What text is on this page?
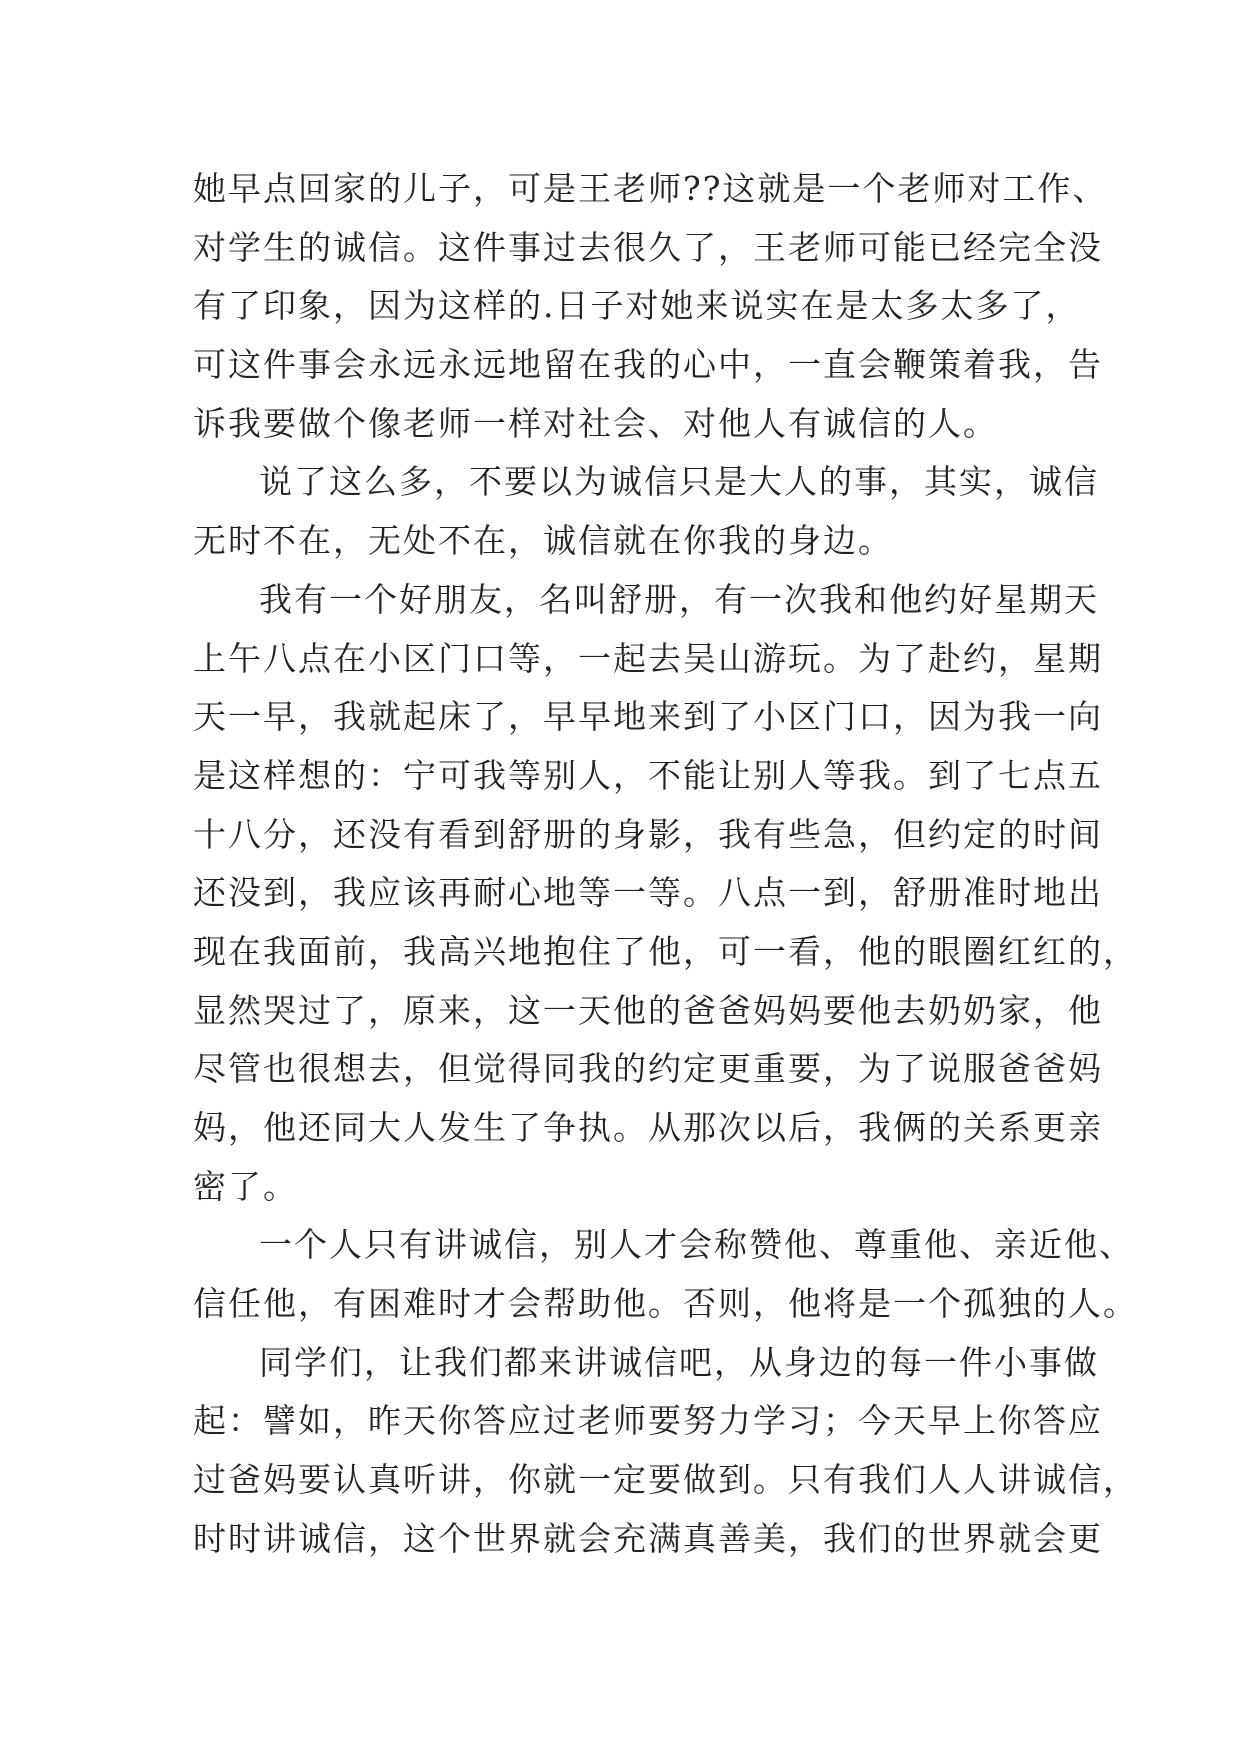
她早点回家的儿子，可是王老师??这就是一个老师对工作、
对学生的诚信。这件事过去很久了，王老师可能已经完全没
有了印象，因为这样的.日子对她来说实在是太多太多了，
可这件事会永远永远地留在我的心中，一直会鞭策着我，告
诉我要做个像老师一样对社会、对他人有诚信的人。
说了这么多，不要以为诚信只是大人的事，其实，诚信
无时不在，无处不在，诚信就在你我的身边。
我有一个好朋友，名叫舒册，有一次我和他约好星期天
上午八点在小区门口等，一起去吴山游玩。为了赴约，星期
天一早，我就起床了，早早地来到了小区门口，因为我一向
是这样想的：宁可我等别人，不能让别人等我。到了七点五
十八分，还没有看到舒册的身影，我有些急，但约定的时间
还没到，我应该再耐心地等一等。八点一到，舒册准时地出
现在我面前，我高兴地抱住了他，可一看，他的眼圈红红的，
显然哭过了，原来，这一天他的爸爸妈妈要他去奶奶家，他
尽管也很想去，但觉得同我的约定更重要，为了说服爸爸妈
妈，他还同大人发生了争执。从那次以后，我俩的关系更亲
密了。
一个人只有讲诚信，别人才会称赞他、尊重他、亲近他、
信任他，有困难时才会帮助他。否则，他将是一个孤独的人。
同学们，让我们都来讲诚信吧，从身边的每一件小事做
起：譬如，昨天你答应过老师要努力学习；今天早上你答应
过爸妈要认真听讲，你就一定要做到。只有我们人人讲诚信，
时时讲诚信，这个世界就会充满真善美，我们的世界就会更
